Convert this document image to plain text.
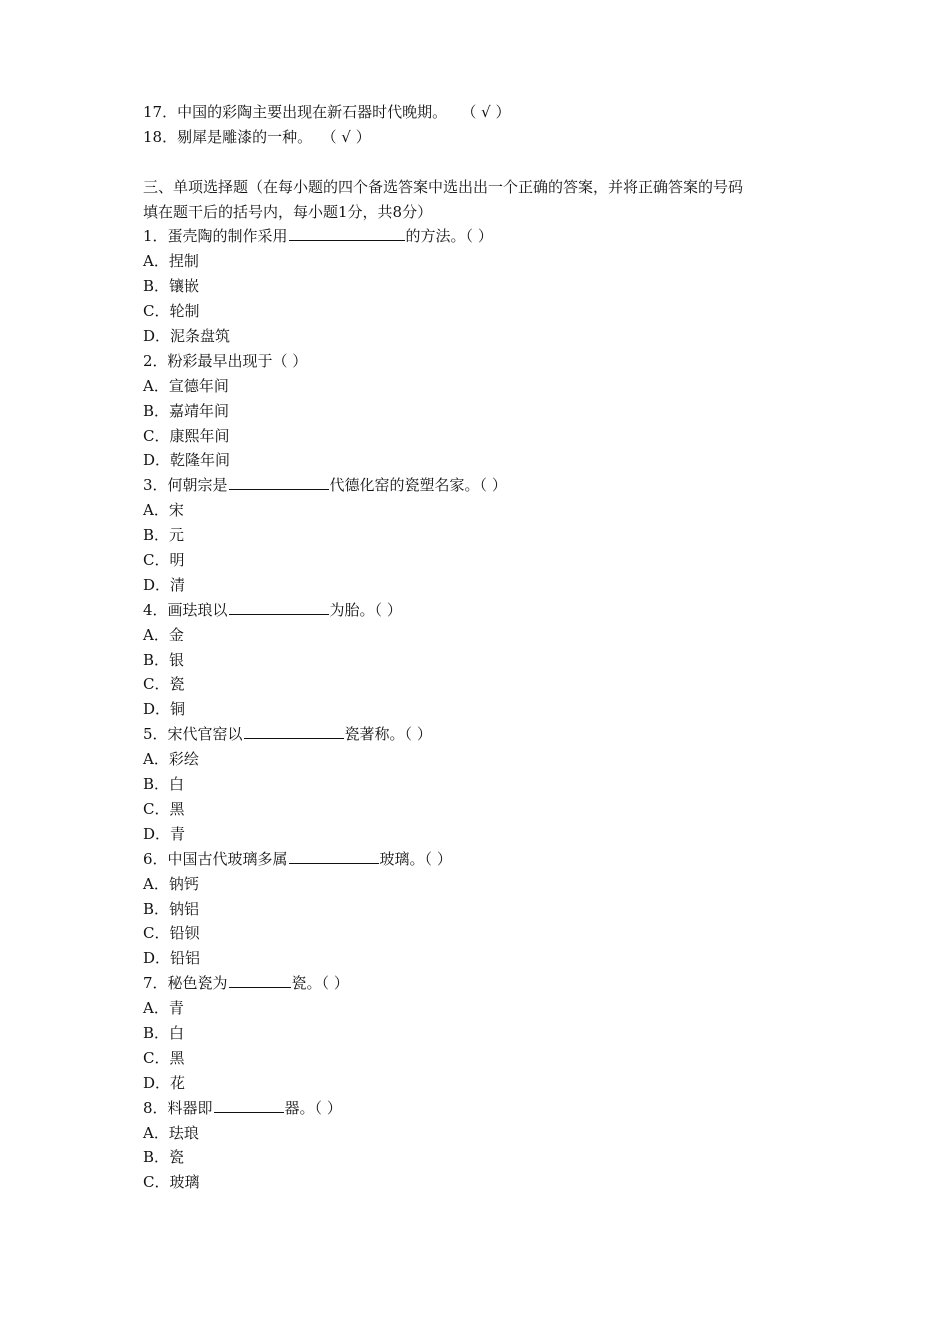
17．中国的彩陶主要出现在新石器时代晚期。 （ √ ）
18．剔犀是雕漆的一种。 （ √ ）
三、单项选择题（在每小题的四个备选答案中选出出一个正确的答案，并将正确答案的号码
填在题干后的括号内，每小题1分，共8分）
1．蛋壳陶的制作采用	的方法。（ ）
A．捏制
B．镶嵌
C．轮制
D．泥条盘筑
2．粉彩最早出现于（ ）
A．宣德年间
B．嘉靖年间
C．康熙年间
D．乾隆年间
3．何朝宗是	代德化窑的瓷塑名家。（ ）
A．宋
B．元
C．明
D．清
4．画珐琅以	为胎。（ ）
A．金
B．银
C．瓷
D．铜
5．宋代官窑以	瓷著称。（ ）
A．彩绘
B．白
C．黑
D．青
6．中国古代玻璃多属	玻璃。（ ）
A．钠钙
B．钠铝
C．铅钡
D．铅铝
7．秘色瓷为	瓷。（ ）
A．青
B．白
C．黑
D．花
8．料器即	器。（ ）
A．珐琅
B．瓷
C．玻璃
